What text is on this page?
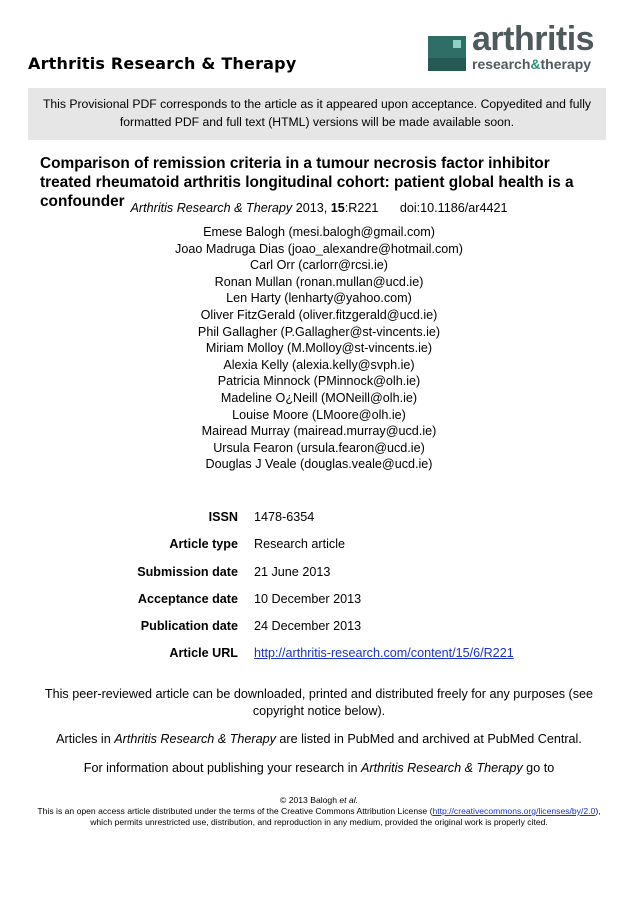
Arthritis Research & Therapy
arthritis
research&therapy
This Provisional PDF corresponds to the article as it appeared upon acceptance. Copyedited and fully formatted PDF and full text (HTML) versions will be made available soon.
Comparison of remission criteria in a tumour necrosis factor inhibitor treated rheumatoid arthritis longitudinal cohort: patient global health is a confounder Arthritis Research & Therapy 2013, 15:R221 doi:10.1186/ar4421
Emese Balogh (mesi.balogh@gmail.com)
Joao Madruga Dias (joao_alexandre@hotmail.com)
Carl Orr (carlorr@rcsi.ie)
Ronan Mullan (ronan.mullan@ucd.ie)
Len Harty (lenharty@yahoo.com)
Oliver FitzGerald (oliver.fitzgerald@ucd.ie)
Phil Gallagher (P.Gallagher@st-vincents.ie)
Miriam Molloy (M.Molloy@st-vincents.ie)
Alexia Kelly (alexia.kelly@svph.ie)
Patricia Minnock (PMinnock@olh.ie)
Madeline O¿Neill (MONeill@olh.ie)
Louise Moore (LMoore@olh.ie)
Mairead Murray (mairead.murray@ucd.ie)
Ursula Fearon (ursula.fearon@ucd.ie)
Douglas J Veale (douglas.veale@ucd.ie)
ISSN 1478-6354
Article type Research article
Submission date 21 June 2013
Acceptance date 10 December 2013
Publication date 24 December 2013
Article URL http://arthritis-research.com/content/15/6/R221
This peer-reviewed article can be downloaded, printed and distributed freely for any purposes (see copyright notice below).
Articles in Arthritis Research & Therapy are listed in PubMed and archived at PubMed Central.
For information about publishing your research in Arthritis Research & Therapy go to
© 2013 Balogh et al.
This is an open access article distributed under the terms of the Creative Commons Attribution License (http://creativecommons.org/licenses/by/2.0), which permits unrestricted use, distribution, and reproduction in any medium, provided the original work is properly cited.
